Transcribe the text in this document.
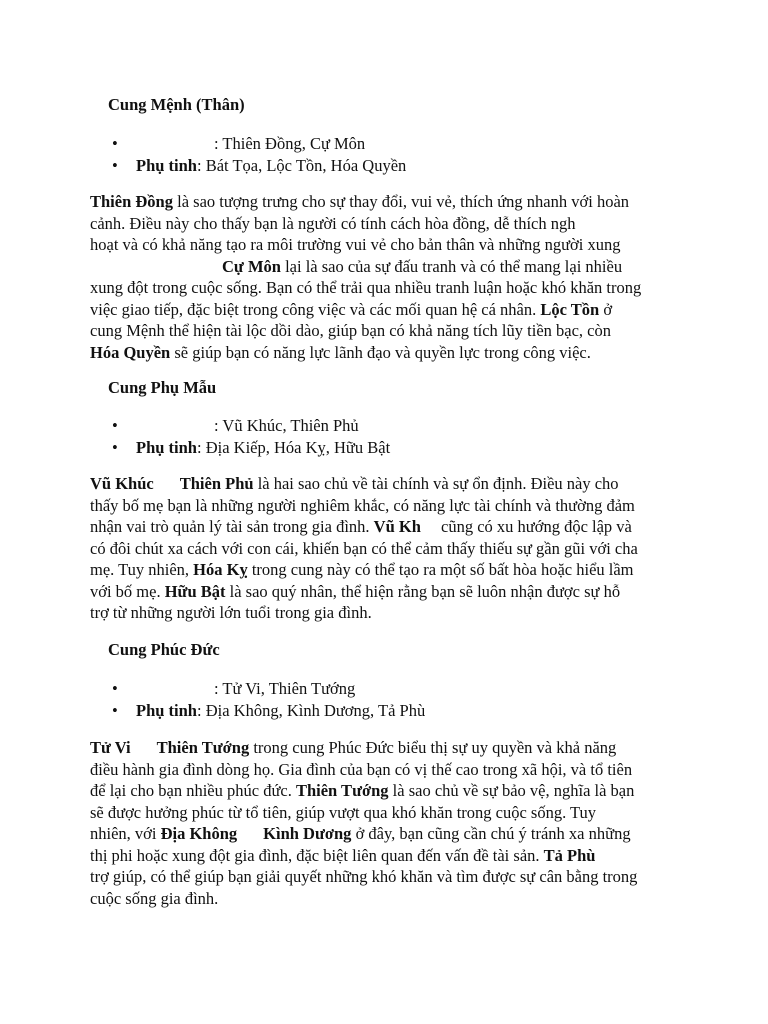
Cung Mệnh (Thân)
• : Thiên Đồng, Cự Môn
• Phụ tinh: Bát Tọa, Lộc Tồn, Hóa Quyền
Thiên Đồng là sao tượng trưng cho sự thay đổi, vui vẻ, thích ứng nhanh với hoàn
cảnh. Điều này cho thấy bạn là người có tính cách hòa đồng, dễ thích ngh
hoạt và có khả năng tạo ra môi trường vui vẻ cho bản thân và những người xung
Cự Môn lại là sao của sự đấu tranh và có thể mang lại nhiều
xung đột trong cuộc sống. Bạn có thể trải qua nhiều tranh luận hoặc khó khăn trong
việc giao tiếp, đặc biệt trong công việc và các mối quan hệ cá nhân. Lộc Tồn ở
cung Mệnh thể hiện tài lộc dồi dào, giúp bạn có khả năng tích lũy tiền bạc, còn
Hóa Quyền sẽ giúp bạn có năng lực lãnh đạo và quyền lực trong công việc.
Cung Phụ Mẫu
• : Vũ Khúc, Thiên Phủ
• Phụ tinh: Địa Kiếp, Hóa Kỵ, Hữu Bật
Vũ Khúc Thiên Phủ là hai sao chủ về tài chính và sự ổn định. Điều này cho
thấy bố mẹ bạn là những người nghiêm khắc, có năng lực tài chính và thường đảm
nhận vai trò quản lý tài sản trong gia đình. Vũ Kh cũng có xu hướng độc lập và
có đôi chút xa cách với con cái, khiến bạn có thể cảm thấy thiếu sự gần gũi với cha
mẹ. Tuy nhiên, Hóa Kỵ trong cung này có thể tạo ra một số bất hòa hoặc hiểu lầm
với bố mẹ. Hữu Bật là sao quý nhân, thể hiện rằng bạn sẽ luôn nhận được sự hỗ
trợ từ những người lớn tuổi trong gia đình.
Cung Phúc Đức
• : Tử Vi, Thiên Tướng
• Phụ tinh: Địa Không, Kình Dương, Tả Phù
Tử Vi Thiên Tướng trong cung Phúc Đức biểu thị sự uy quyền và khả năng
điều hành gia đình dòng họ. Gia đình của bạn có vị thế cao trong xã hội, và tổ tiên
để lại cho bạn nhiều phúc đức. Thiên Tướng là sao chủ về sự bảo vệ, nghĩa là bạn
sẽ được hưởng phúc từ tổ tiên, giúp vượt qua khó khăn trong cuộc sống. Tuy
nhiên, với Địa Không Kình Dương ở đây, bạn cũng cần chú ý tránh xa những
thị phi hoặc xung đột gia đình, đặc biệt liên quan đến vấn đề tài sản. Tả Phù
trợ giúp, có thể giúp bạn giải quyết những khó khăn và tìm được sự cân bằng trong
cuộc sống gia đình.
